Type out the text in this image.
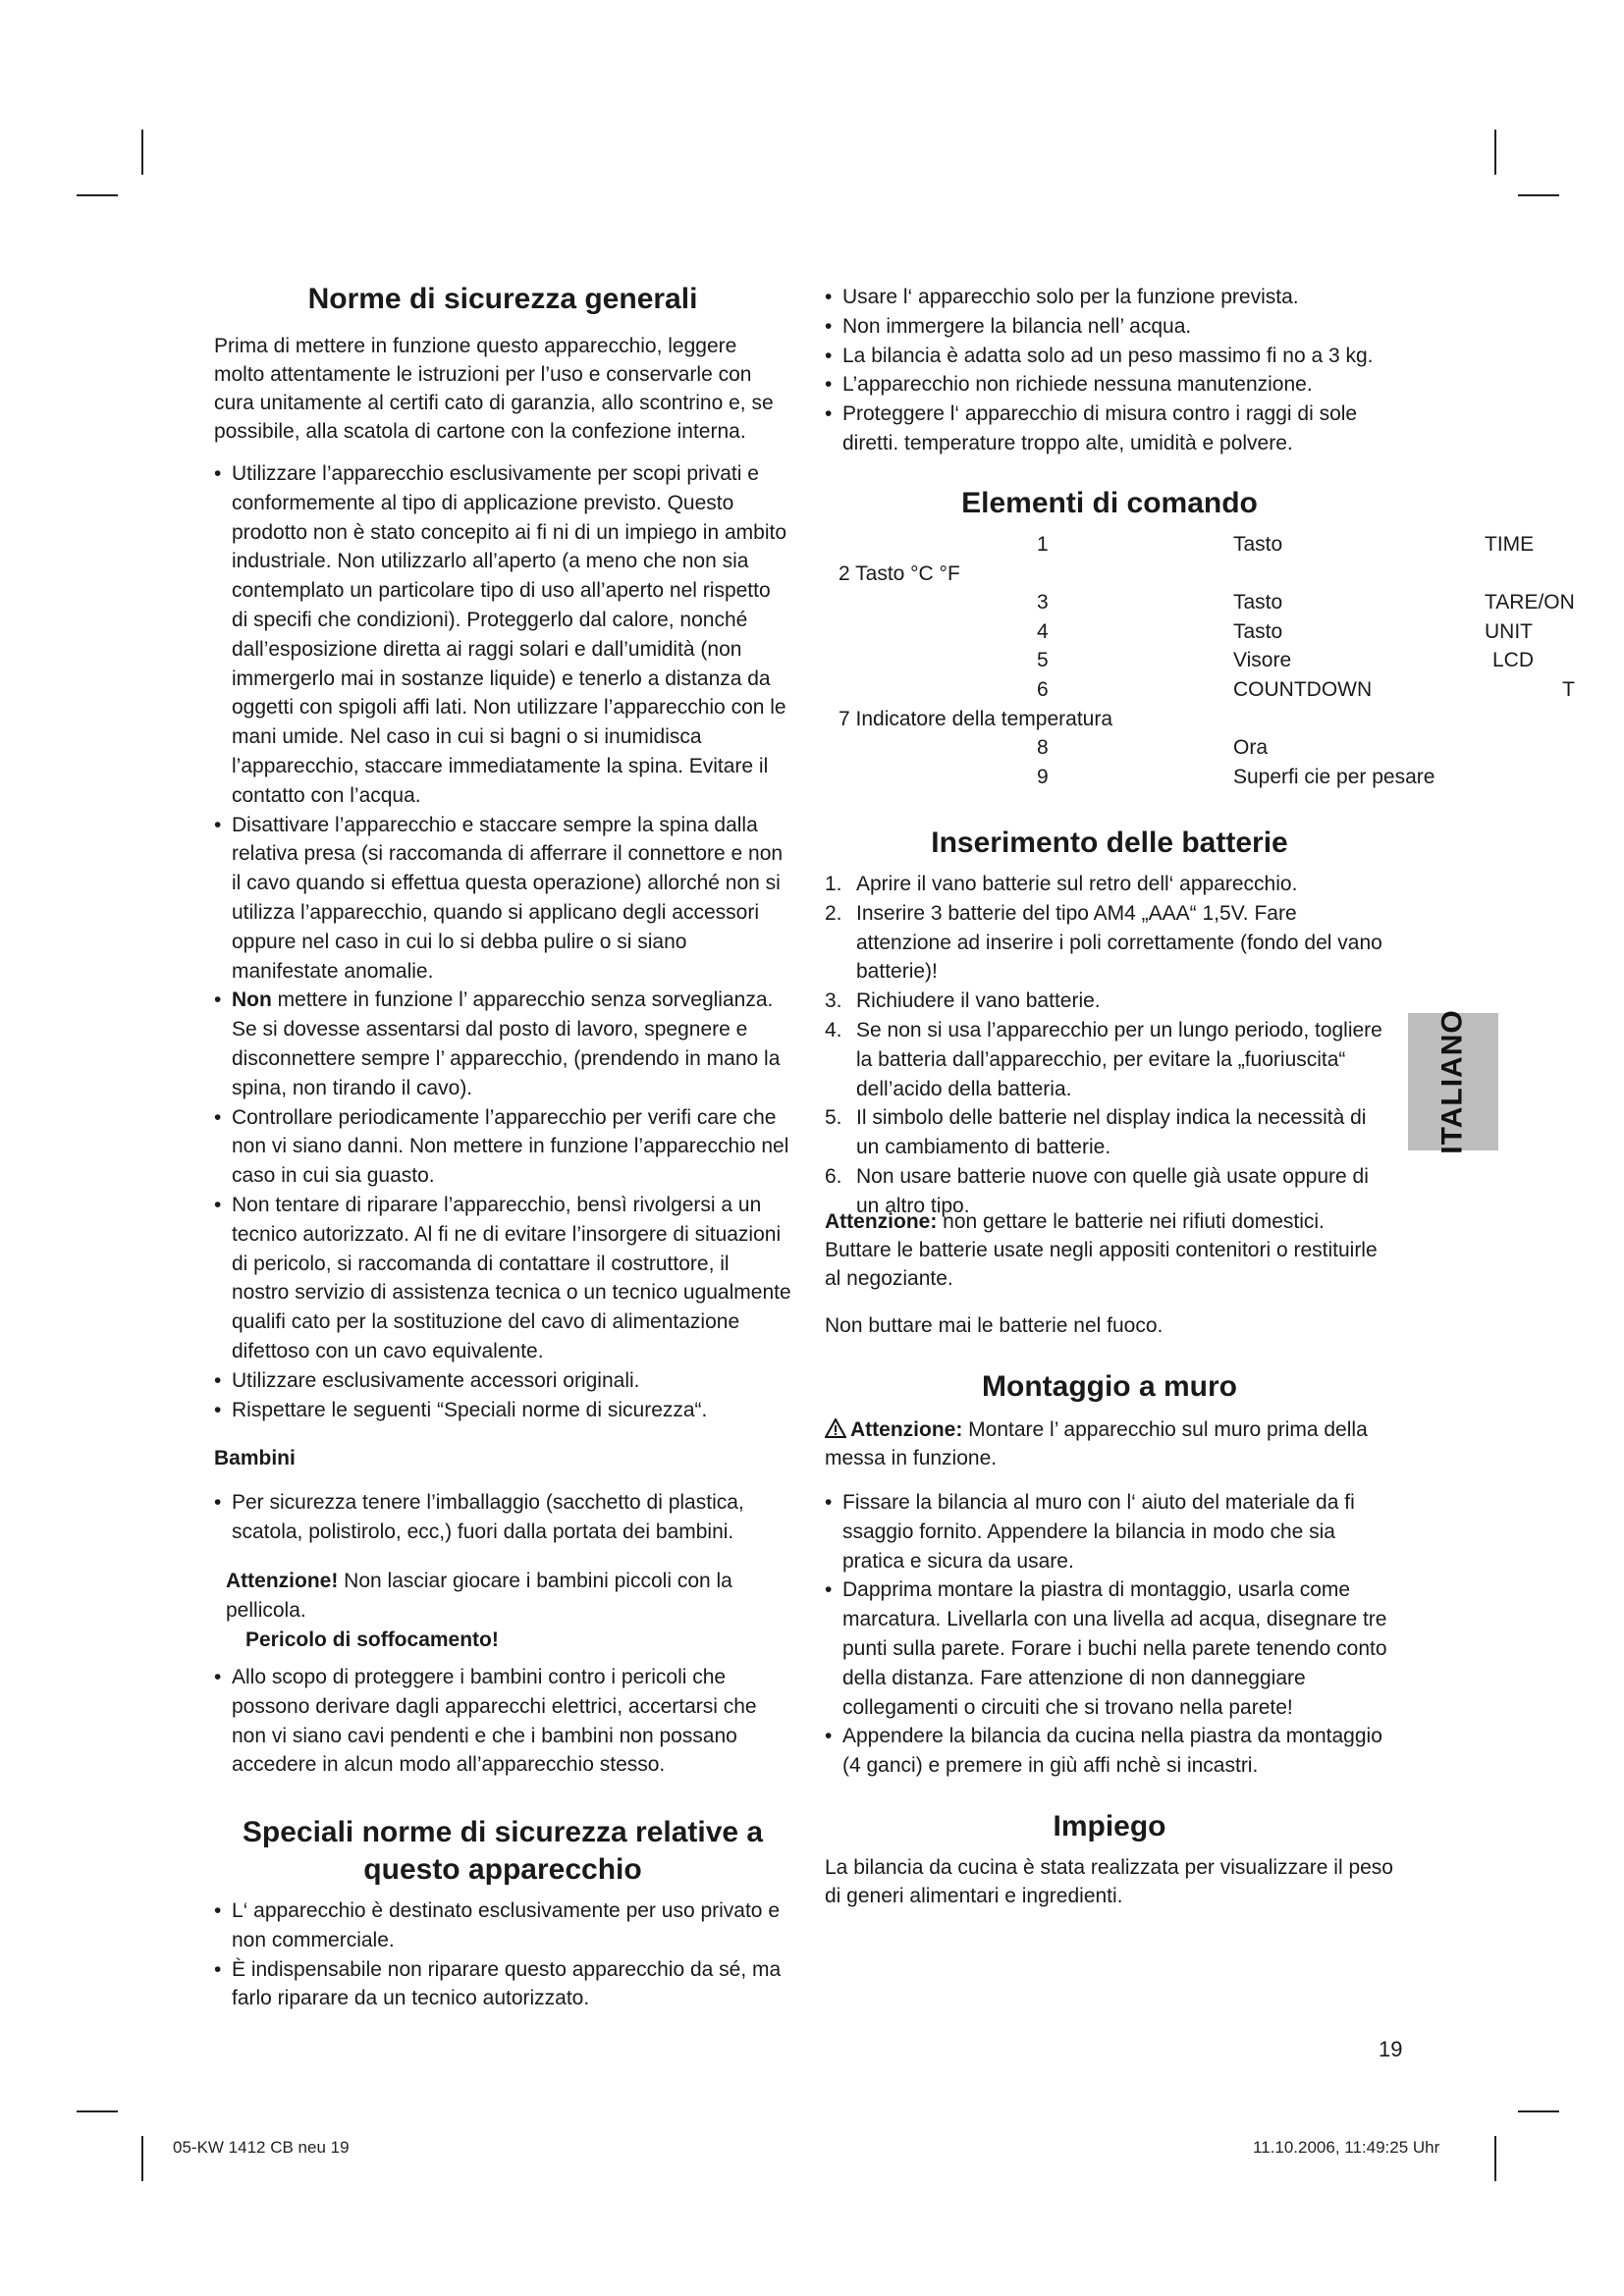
Norme di sicurezza generali

Prima di mettere in funzione questo apparecchio, leggere molto attentamente le istruzioni per l’uso e conservarle con cura unitamente al certifi cato di garanzia, allo scontrino e, se possibile, alla scatola di cartone con la confezione interna.

• Utilizzare l’apparecchio esclusivamente per scopi privati e conformemente al tipo di applicazione previsto. Questo prodotto non è stato concepito ai fi ni di un impiego in ambito industriale. Non utilizzarlo all’aperto (a meno che non sia contemplato un particolare tipo di uso all’aperto nel rispetto di specifi che condizioni). Proteggerlo dal calore, nonché dall’esposizione diretta ai raggi solari e dall’umidità (non immergerlo mai in sostanze liquide) e tenerlo a distanza da oggetti con spigoli affi lati. Non utilizzare l’apparecchio con le mani umide. Nel caso in cui si bagni o si inumidisca l’apparecchio, staccare immediatamente la spina. Evitare il contatto con l’acqua.
• Disattivare l’apparecchio e staccare sempre la spina dalla relativa presa (si raccomanda di afferrare il connettore e non il cavo quando si effettua questa operazione) allorché non si utilizza l’apparecchio, quando si applicano degli accessori oppure nel caso in cui lo si debba pulire o si siano manifestate anomalie.
• Non mettere in funzione l’ apparecchio senza sorveglianza. Se si dovesse assentarsi dal posto di lavoro, spegnere e disconnettere sempre l’ apparecchio, (prendendo in mano la spina, non tirando il cavo).
• Controllare periodicamente l’apparecchio per verifi care che non vi siano danni. Non mettere in funzione l’apparecchio nel caso in cui sia guasto.
• Non tentare di riparare l’apparecchio, bensì rivolgersi a un tecnico autorizzato. Al fi ne di evitare l’insorgere di situazioni di pericolo, si raccomanda di contattare il costruttore, il nostro servizio di assistenza tecnica o un tecnico ugualmente qualifi cato per la sostituzione del cavo di alimentazione difettoso con un cavo equivalente.
• Utilizzare esclusivamente accessori originali.
• Rispettare le seguenti “Speciali norme di sicurezza“.

Bambini

• Per sicurezza tenere l’imballaggio (sacchetto di plastica, scatola, polistirolo, ecc,) fuori dalla portata dei bambini.
Attenzione! Non lasciar giocare i bambini piccoli con la pellicola.
Pericolo di soffocamento!
• Allo scopo di proteggere i bambini contro i pericoli che possono derivare dagli apparecchi elettrici, accertarsi che non vi siano cavi pendenti e che i bambini non possano accedere in alcun modo all’apparecchio stesso.
Speciali norme di sicurezza relative a questo apparecchio
• L‘ apparecchio è destinato esclusivamente per uso privato e non commerciale.
• È indispensabile non riparare questo apparecchio da sé, ma farlo riparare da un tecnico autorizzato.
• Usare l‘ apparecchio solo per la funzione prevista.
• Non immergere la bilancia nell’ acqua.
• La bilancia è adatta solo ad un peso massimo fi no a 3 kg.
• L’apparecchio non richiede nessuna manutenzione.
• Proteggere l‘ apparecchio di misura contro i raggi di sole diretti. temperature troppo alte, umidità e polvere.
Elementi di comando
	1	Tasto	TIME
2 Tasto °C °F			
	3	Tasto	TARE/ON
	4	Tasto	UNIT
	5	Visore	LCD
	6	COUNTDOWN	T
7 Indicatore della temperatura			
	8	Ora	
	9	Superfi cie per pesare	
Inserimento delle batterie
1. Aprire il vano batterie sul retro dell‘ apparecchio.
2. Inserire 3 batterie del tipo AM4 „AAA“ 1,5V. Fare attenzione ad inserire i poli correttamente (fondo del vano batterie)!
3. Richiudere il vano batterie.
4. Se non si usa l’apparecchio per un lungo periodo, togliere la batteria dall’apparecchio, per evitare la „fuoriuscita“ dell’acido della batteria.
5. Il simbolo delle batterie nel display indica la necessità di un cambiamento di batterie.
6. Non usare batterie nuove con quelle già usate oppure di un altro tipo.

Attenzione: non gettare le batterie nei rifiuti domestici.
Buttare le batterie usate negli appositi contenitori o restituirle al negoziante.

Non buttare mai le batterie nel fuoco.

Montaggio a muro

Attenzione: Montare l’ apparecchio sul muro prima della messa in funzione.

• Fissare la bilancia al muro con l‘ aiuto del materiale da fi ssaggio fornito. Appendere la bilancia in modo che sia pratica e sicura da usare.
• Dapprima montare la piastra di montaggio, usarla come marcatura. Livellarla con una livella ad acqua, disegnare tre punti sulla parete. Forare i buchi nella parete tenendo conto della distanza. Fare attenzione di non danneggiare collegamenti o circuiti che si trovano nella parete!
• Appendere la bilancia da cucina nella piastra da montaggio (4 ganci) e premere in giù affi nchè si incastri.
Impiego

La bilancia da cucina è stata realizzata per visualizzare il peso di generi alimentari e ingredienti.

ITALIANO
19
05-KW 1412 CB neu 19	11.10.2006, 11:49:25 Uhr
